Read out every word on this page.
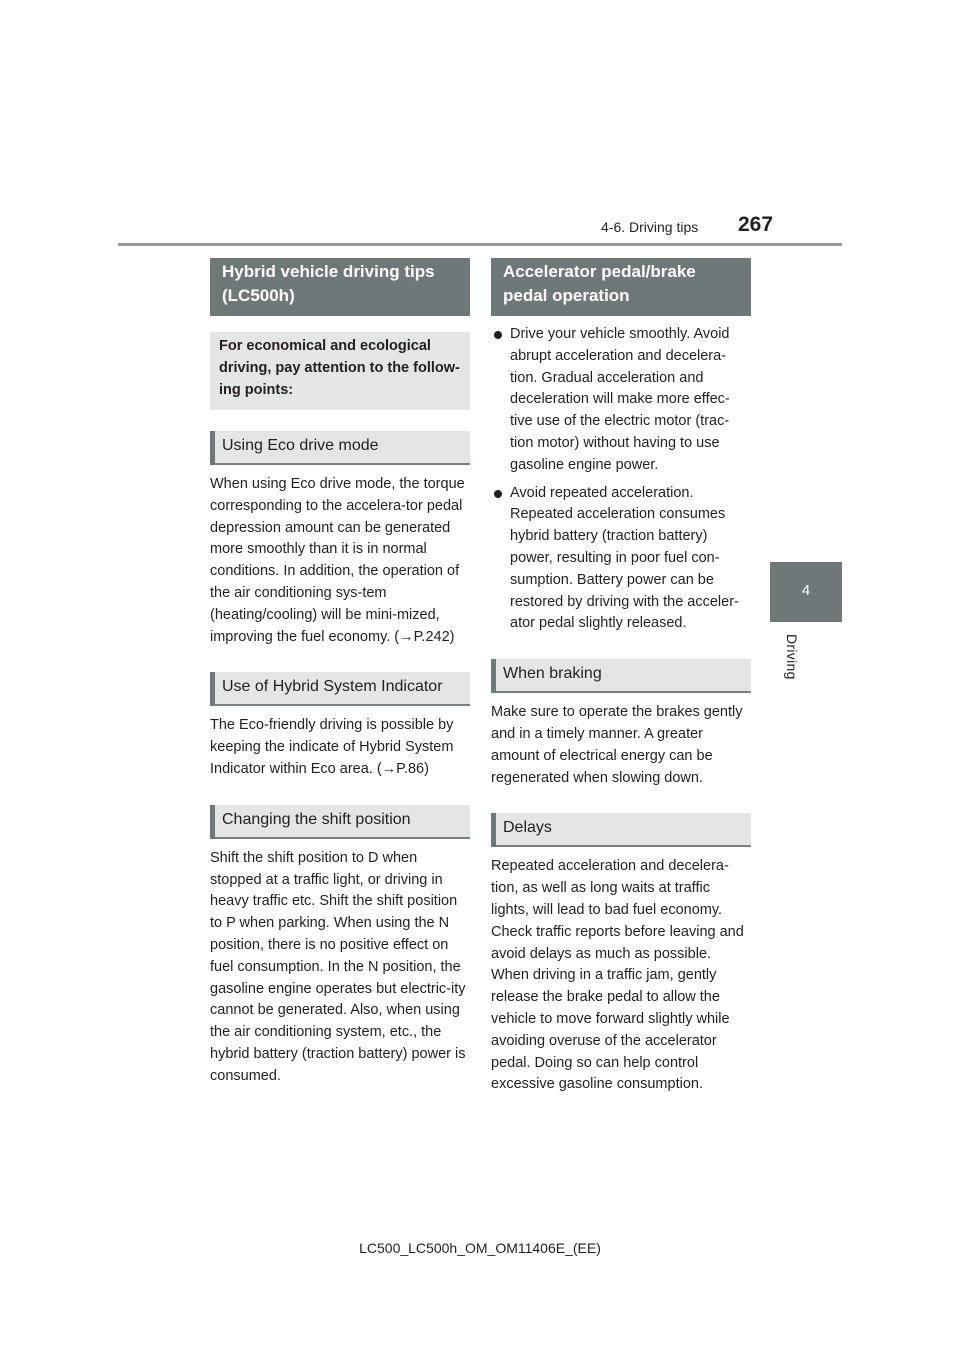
4-6. Driving tips 267
4
Driving
Hybrid vehicle driving tips (LC500h)
For economical and ecological driving, pay attention to the follow-ing points:
Using Eco drive mode

When using Eco drive mode, the torque corresponding to the accelera-tor pedal depression amount can be generated more smoothly than it is in normal conditions. In addition, the operation of the air conditioning sys-tem (heating/cooling) will be mini-mized, improving the fuel economy. (→P.242)

Use of Hybrid System Indicator

The Eco-friendly driving is possible by keeping the indicate of Hybrid System Indicator within Eco area. (→P.86)

Changing the shift position

Shift the shift position to D when stopped at a traffic light, or driving in heavy traffic etc. Shift the shift position to P when parking. When using the N position, there is no positive effect on fuel consumption. In the N position, the gasoline engine operates but electric-ity cannot be generated. Also, when using the air conditioning system, etc., the hybrid battery (traction battery) power is consumed.

Accelerator pedal/brake pedal operation
Drive your vehicle smoothly. Avoid abrupt acceleration and decelera-tion. Gradual acceleration and deceleration will make more effec-tive use of the electric motor (trac-tion motor) without having to use gasoline engine power.
Avoid repeated acceleration. Repeated acceleration consumes hybrid battery (traction battery) power, resulting in poor fuel con-sumption. Battery power can be restored by driving with the acceler-ator pedal slightly released.
When braking

Make sure to operate the brakes gently and in a timely manner. A greater amount of electrical energy can be regenerated when slowing down.

Delays

Repeated acceleration and decelera-tion, as well as long waits at traffic lights, will lead to bad fuel economy. Check traffic reports before leaving and avoid delays as much as possible. When driving in a traffic jam, gently release the brake pedal to allow the vehicle to move forward slightly while avoiding overuse of the accelerator pedal. Doing so can help control excessive gasoline consumption.

LC500_LC500h_OM_OM11406E_(EE)
